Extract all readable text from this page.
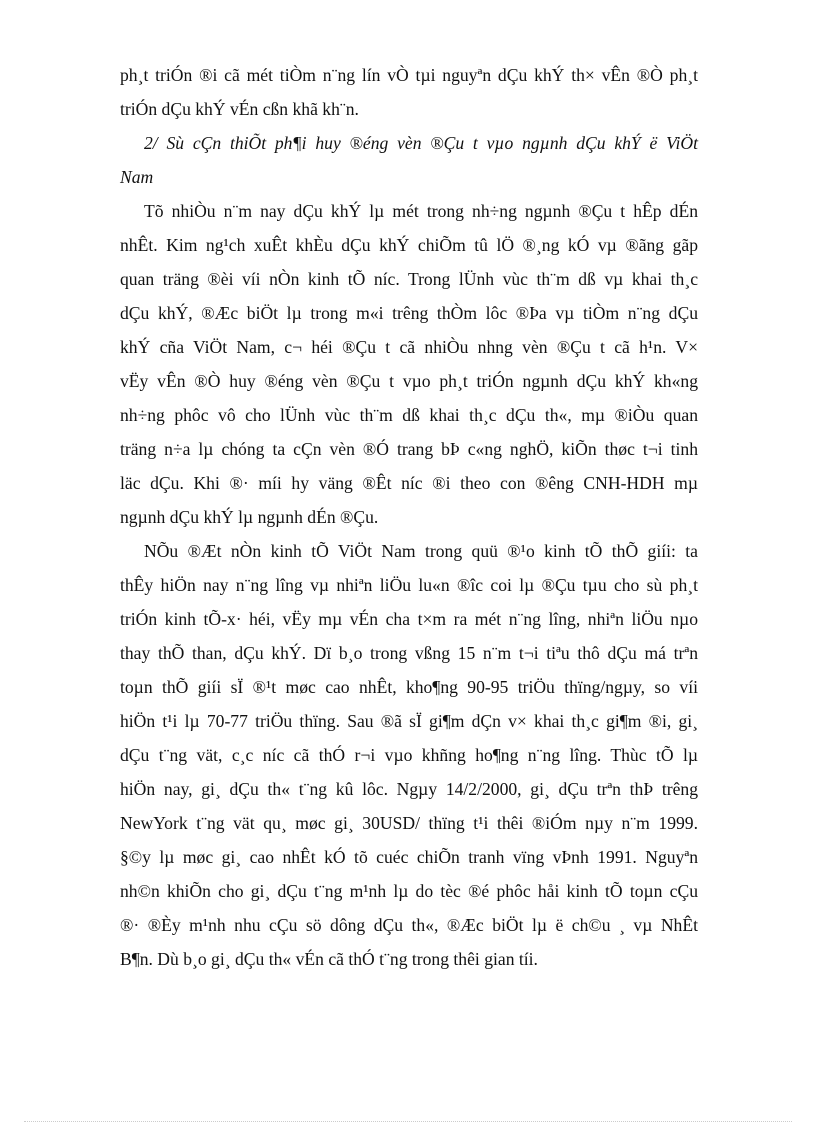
ph¸t triÓn ®i cã mét tiÒm n¨ng lín vÒ tµi nguyªn dÇu khÝ th× vÊn ®Ò ph¸t
triÓn dÇu khÝ vÉn cßn khã kh¨n.
2/ Sù cÇn thiÕt ph¶i huy ®éng vèn ®Çu t vµo ngµnh dÇu khÝ ë ViÖt
Nam
Tõ nhiÒu n¨m nay dÇu khÝ lµ mét trong nh÷ng ngµnh ®Çu t hÊp dÉn
nhÊt. Kim ng¹ch xuÊt khÈu dÇu khÝ chiÕm tû lÖ ®¸ng kÓ vµ ®ãng gãp
quan träng ®èi víi nÒn kinh tÕ níc. Trong lÜnh vùc th¨m dß vµ khai th¸c
dÇu khÝ, ®Æc biÖt lµ trong m«i trêng thÒm lôc ®Þa vµ tiÒm n¨ng dÇu
khÝ cña ViÖt Nam, c¬ héi ®Çu t cã nhiÒu nhng vèn ®Çu t cã h¹n. V×
vËy vÊn ®Ò huy ®éng vèn ®Çu t vµo ph¸t triÓn ngµnh dÇu khÝ kh«ng
nh÷ng phôc vô cho lÜnh vùc th¨m dß khai th¸c dÇu th«, mµ ®iÒu quan
träng n÷a lµ chóng ta cÇn vèn ®Ó trang bÞ c«ng nghÖ, kiÕn thøc t¬i tinh
läc dÇu. Khi ®· míi hy väng ®Êt níc ®i theo con ®êng CNH-HDH mµ
ngµnh dÇu khÝ lµ ngµnh dÉn ®Çu.
NÕu ®Æt nÒn kinh tÕ ViÖt Nam trong quü ®¹o kinh tÕ thÕ giíi: ta
thÊy hiÖn nay n¨ng lîng vµ nhiªn liÖu lu«n ®îc coi lµ ®Çu tµu cho sù ph¸t
triÓn kinh tÕ-x· héi, vËy mµ vÉn cha t×m ra mét n¨ng lîng, nhiªn liÖu nµo
thay thÕ than, dÇu khÝ. Dï b¸o trong vßng 15 n¨m t¬i tiªu thô dÇu má trªn
toµn thÕ giíi sÏ ®¹t møc cao nhÊt, kho¶ng 90-95 triÖu thïng/ngµy, so víi
hiÖn t¹i lµ 70-77 triÖu thïng. Sau ®ã sÏ gi¶m dÇn v× khai th¸c gi¶m ®i, gi¸
dÇu t¨ng vät, c¸c níc cã thÓ r¬i vµo khñng ho¶ng n¨ng lîng. Thùc tÕ lµ
hiÖn nay, gi¸ dÇu th« t¨ng kû lôc. Ngµy 14/2/2000, gi¸ dÇu trªn thÞ trêng
NewYork t¨ng vät qu¸ møc gi¸ 30USD/ thïng t¹i thêi ®iÓm nµy n¨m 1999.
§©y lµ møc gi¸ cao nhÊt kÓ tõ cuéc chiÕn tranh vïng vÞnh 1991. Nguyªn
nh©n khiÕn cho gi¸ dÇu t¨ng m¹nh lµ do tèc ®é phôc håi kinh tÕ toµn cÇu
®· ®Èy m¹nh nhu cÇu sö dông dÇu th«, ®Æc biÖt lµ ë ch©u ¸ vµ NhÊt
B¶n. Dù b¸o gi¸ dÇu th« vÉn cã thÓ t¨ng trong thêi gian tíi.
